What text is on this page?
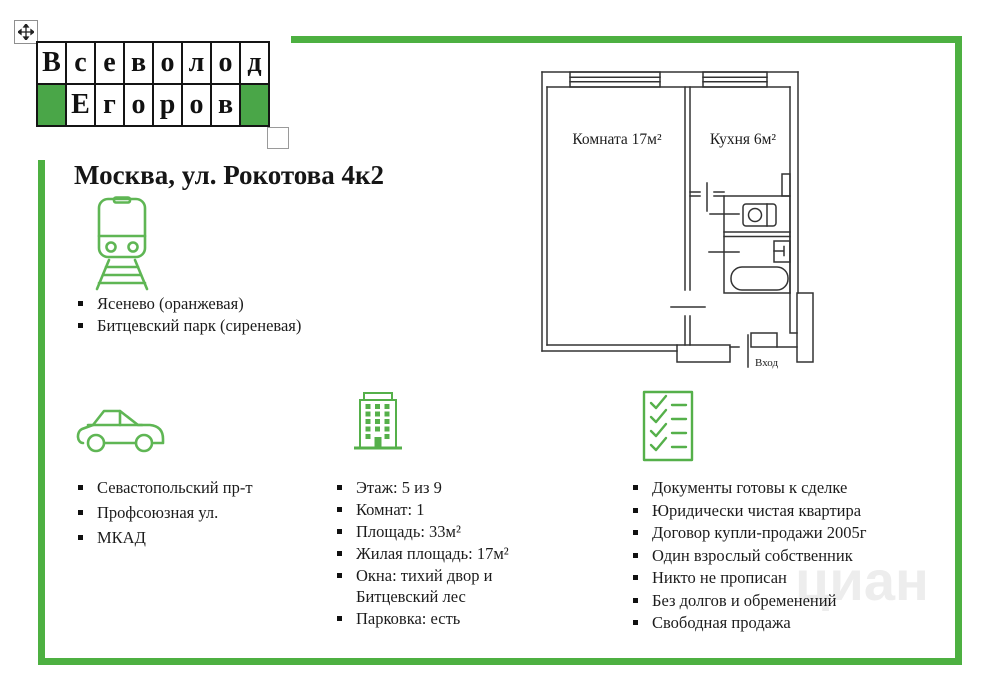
циан
В с е в о л о д
Е г о р о в
Москва, ул. Рокотова 4к2
Комната 17м²	Кухня 6м²
Вход
Ясенево (оранжевая)
Битцевский парк (сиреневая)
Севастопольский пр-т
Профсоюзная ул.
МКАД
Этаж: 5 из 9
Комнат: 1
Площадь: 33м²
Жилая площадь: 17м²
Окна: тихий двор и Битцевский лес
Парковка: есть
Документы готовы к сделке
Юридически чистая квартира
Договор купли-продажи 2005г
Один взрослый собственник
Никто не прописан
Без долгов и обременений
Свободная продажа
